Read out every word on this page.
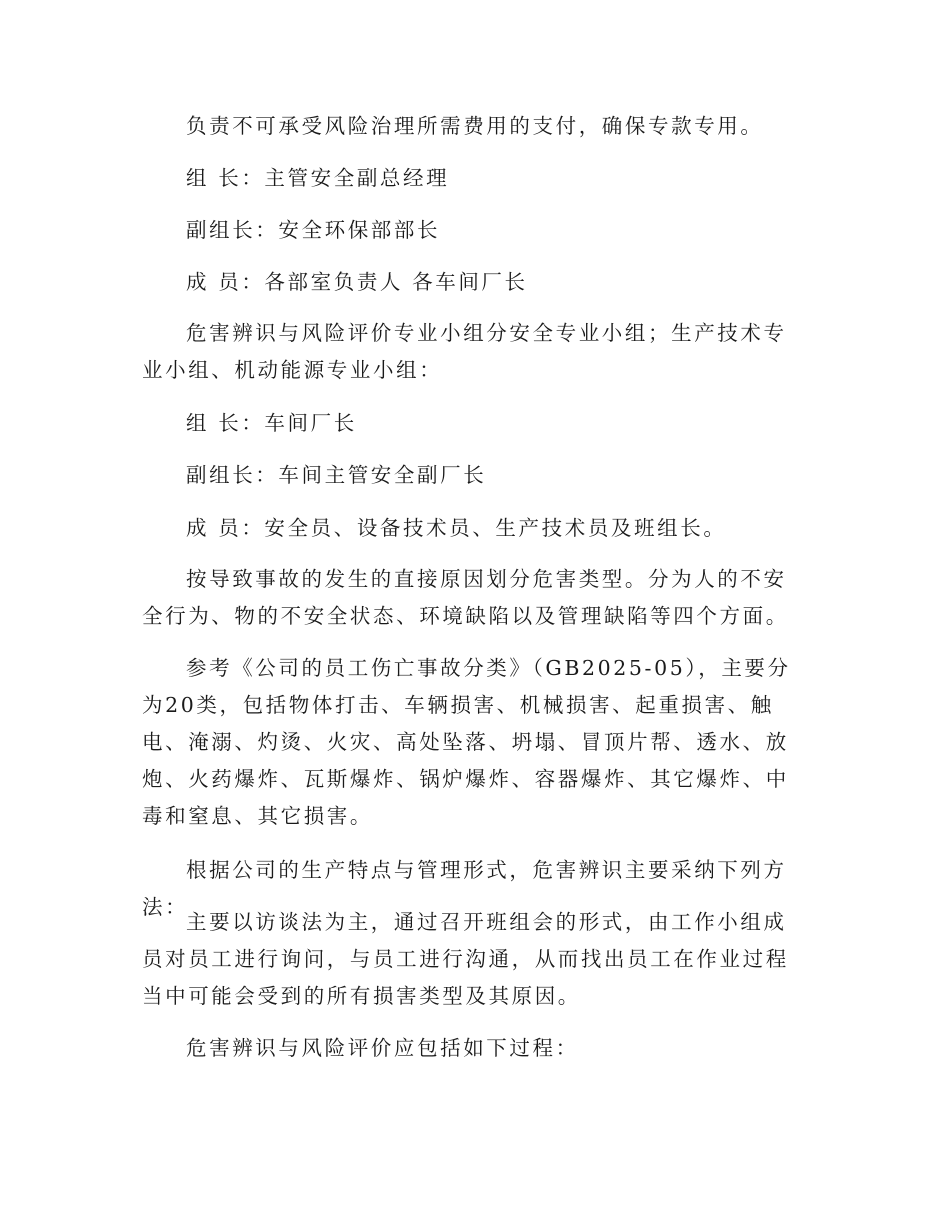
负责不可承受风险治理所需费用的支付，确保专款专用。

组 长：主管安全副总经理

副组长：安全环保部部长

成 员：各部室负责人 各车间厂长

危害辨识与风险评价专业小组分安全专业小组；生产技术专业小组、机动能源专业小组：

组 长：车间厂长

副组长：车间主管安全副厂长

成 员：安全员、设备技术员、生产技术员及班组长。

按导致事故的发生的直接原因划分危害类型。分为人的不安全行为、物的不安全状态、环境缺陷以及管理缺陷等四个方面。

参考《公司的员工伤亡事故分类》（GB2025-05），主要分为20类，包括物体打击、车辆损害、机械损害、起重损害、触电、淹溺、灼烫、火灾、高处坠落、坍塌、冒顶片帮、透水、放炮、火药爆炸、瓦斯爆炸、锅炉爆炸、容器爆炸、其它爆炸、中毒和窒息、其它损害。

根据公司的生产特点与管理形式，危害辨识主要采纳下列方法：

主要以访谈法为主，通过召开班组会的形式，由工作小组成员对员工进行询问，与员工进行沟通，从而找出员工在作业过程当中可能会受到的所有损害类型及其原因。

危害辨识与风险评价应包括如下过程：
